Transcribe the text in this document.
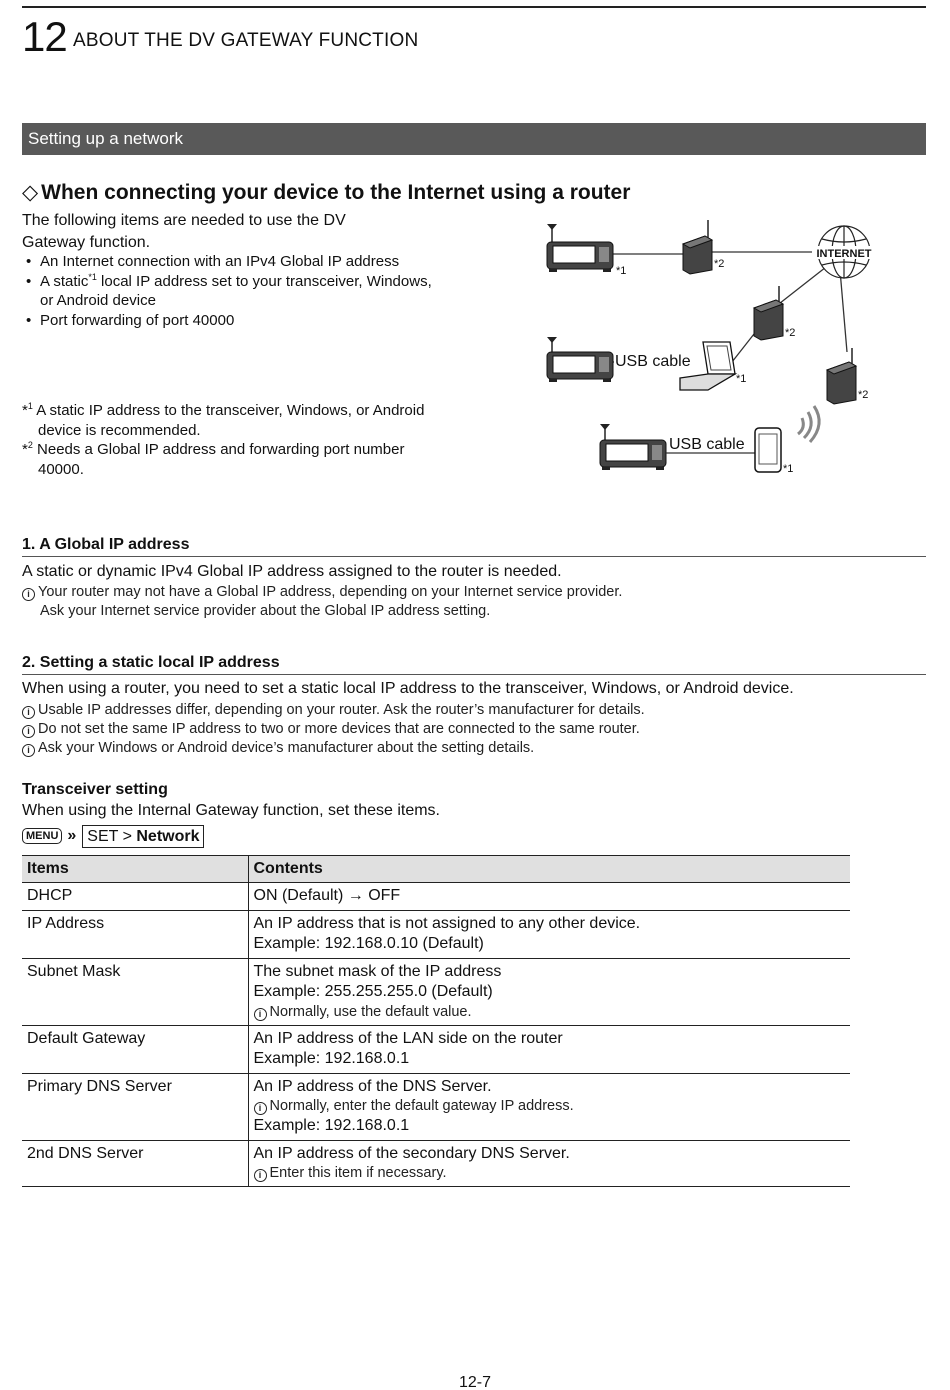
12 ABOUT THE DV GATEWAY FUNCTION
Setting up a network
◇ When connecting your device to the Internet using a router
The following items are needed to use the DV Gateway function.
• An Internet connection with an IPv4 Global IP address
• A static$^{*1}$ local IP address set to your transceiver, Windows, or Android device
• Port forwarding of port 40000
*$^1$ A static IP address to the transceiver, Windows, or Android device is recommended.
*$^2$ Needs a Global IP address and forwarding port number 40000.
*1
*2
INTERNET
*2
USB cable
*1
*2
USB cable
*1
1. A Global IP address
A static or dynamic IPv4 Global IP address assigned to the router is needed.
i Your router may not have a Global IP address, depending on your Internet service provider.
Ask your Internet service provider about the Global IP address setting.
2. Setting a static local IP address
When using a router, you need to set a static local IP address to the transceiver, Windows, or Android device.
i Usable IP addresses differ, depending on your router. Ask the router’s manufacturer for details.
i Do not set the same IP address to two or more devices that are connected to the same router.
i Ask your Windows or Android device’s manufacturer about the setting details.
Transceiver setting
When using the Internal Gateway function, set these items.
MENU » SET > Network
Items	Contents
DHCP	ON (Default) → OFF

IP Address	An IP address that is not assigned to any other device.
Example: 192.168.0.10 (Default)

Subnet Mask	The subnet mask of the IP address
Example: 255.255.255.0 (Default)
i Normally, use the default value.

Default Gateway	An IP address of the LAN side on the router
Example: 192.168.0.1

Primary DNS Server	An IP address of the DNS Server.
i Normally, enter the default gateway IP address.
Example: 192.168.0.1

2nd DNS Server	An IP address of the secondary DNS Server.
i Enter this item if necessary.
12-7
